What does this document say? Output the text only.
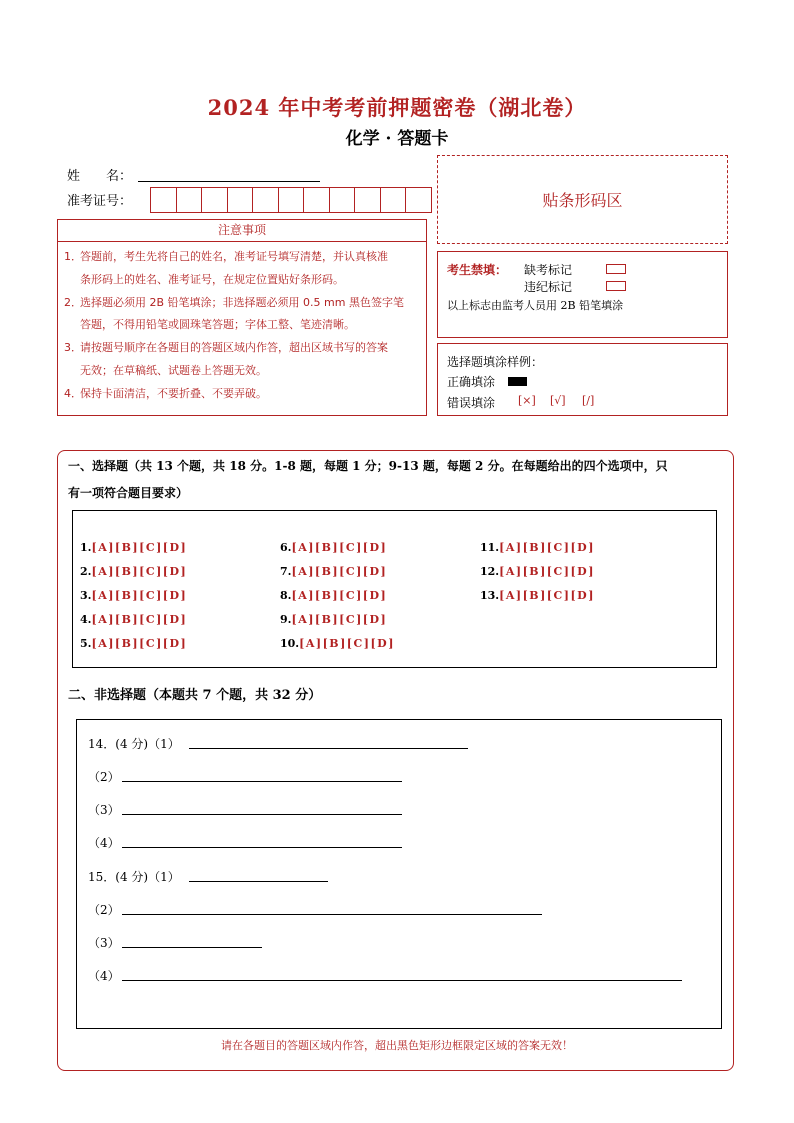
2024 年中考考前押题密卷（湖北卷）
化学 · 答题卡
姓　　名：
准考证号：	贴条形码区
注意事项
1．
答题前，考生先将自己的姓名，准考证号填写清楚，并认真核准
条形码上的姓名、准考证号，在规定位置贴好条形码。
2．
选择题必须用 2B 铅笔填涂；非选择题必须用 0.5 mm 黑色签字笔
答题，不得用铅笔或圆珠笔答题；字体工整、笔迹清晰。
3．
请按题号顺序在各题目的答题区域内作答，超出区域书写的答案
无效；在草稿纸、试题卷上答题无效。
4．
保持卡面清洁，不要折叠、不要弄破。
考生禁填： 缺考标记
违纪标记
以上标志由监考人员用 2B 铅笔填涂
选择题填涂样例：
正确填涂
错误填涂 [×] [√] [/]
一、选择题（共 13 个题，共 18 分。1-8 题，每题 1 分；9-13 题，每题 2 分。在每题给出的四个选项中，只
有一项符合题目要求）
1.[A][B][C][D]
2.[A][B][C][D]
3.[A][B][C][D]
4.[A][B][C][D]
5.[A][B][C][D]
6.[A][B][C][D]
7.[A][B][C][D]
8.[A][B][C][D]
9.[A][B][C][D]
10.[A][B][C][D]
11.[A][B][C][D]
12.[A][B][C][D]
13.[A][B][C][D]
二、非选择题（本题共 7 个题，共 32 分）
14．(4 分)（1）
（2）
（3）
（4）
15．(4 分)（1）
（2）
（3）
（4）
请在各题目的答题区域内作答，超出黑色矩形边框限定区域的答案无效！
